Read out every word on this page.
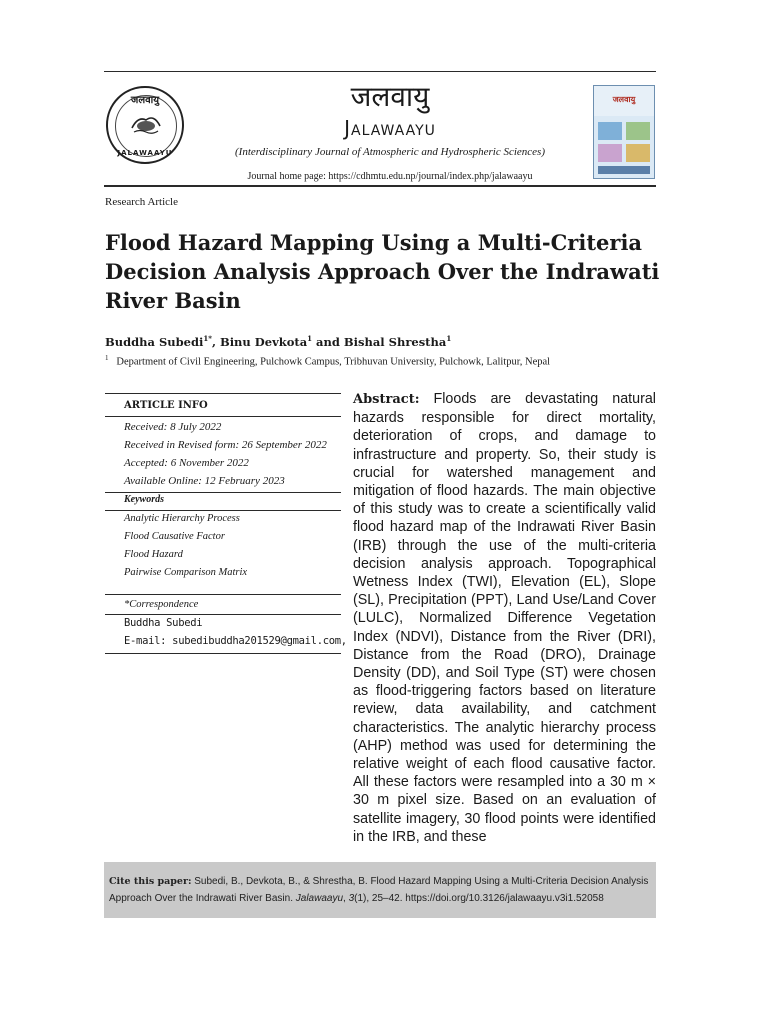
जलवायु
JALAWAAYU
जलवायु
Jalawaayu
(Interdisciplinary Journal of Atmospheric and Hydrospheric Sciences)
Journal home page: https://cdhmtu.edu.np/journal/index.php/jalawaayu
जलवायु
Research Article
Flood Hazard Mapping Using a Multi-Criteria Decision Analysis Approach Over the Indrawati River Basin
Buddha Subedi$^{1*}$, Binu Devkota$^1$ and Bishal Shrestha$^1$
$^1$ Department of Civil Engineering, Pulchowk Campus, Tribhuvan University, Pulchowk, Lalitpur, Nepal
ARTICLE INFO
Received: 8 July 2022
Received in Revised form: 26 September 2022
Accepted: 6 November 2022
Available Online: 12 February 2023
Keywords
Analytic Hierarchy Process
Flood Causative Factor
Flood Hazard
Pairwise Comparison Matrix
*Correspondence
Buddha Subedi
E-mail: subedibuddha201529@gmail.com,
Abstract: Floods are devastating natural hazards responsible for direct mortality, deterioration of crops, and damage to infrastructure and property. So, their study is crucial for watershed management and mitigation of flood hazards. The main objective of this study was to create a scientifically valid flood hazard map of the Indrawati River Basin (IRB) through the use of the multi-criteria decision analysis approach. Topographical Wetness Index (TWI), Elevation (EL), Slope (SL), Precipitation (PPT), Land Use/Land Cover (LULC), Normalized Difference Vegetation Index (NDVI), Distance from the River (DRI), Distance from the Road (DRO), Drainage Density (DD), and Soil Type (ST) were chosen as flood-triggering factors based on literature review, data availability, and catchment characteristics. The analytic hierarchy process (AHP) method was used for determining the relative weight of each flood causative factor. All these factors were resampled into a 30 m × 30 m pixel size. Based on an evaluation of satellite imagery, 30 flood points were identified in the IRB, and these
Cite this paper: Subedi, B., Devkota, B., & Shrestha, B. Flood Hazard Mapping Using a Multi-Criteria Decision Analysis Approach Over the Indrawati River Basin. Jalawaayu, 3(1), 25–42. https://doi.org/10.3126/jalawaayu.v3i1.52058
